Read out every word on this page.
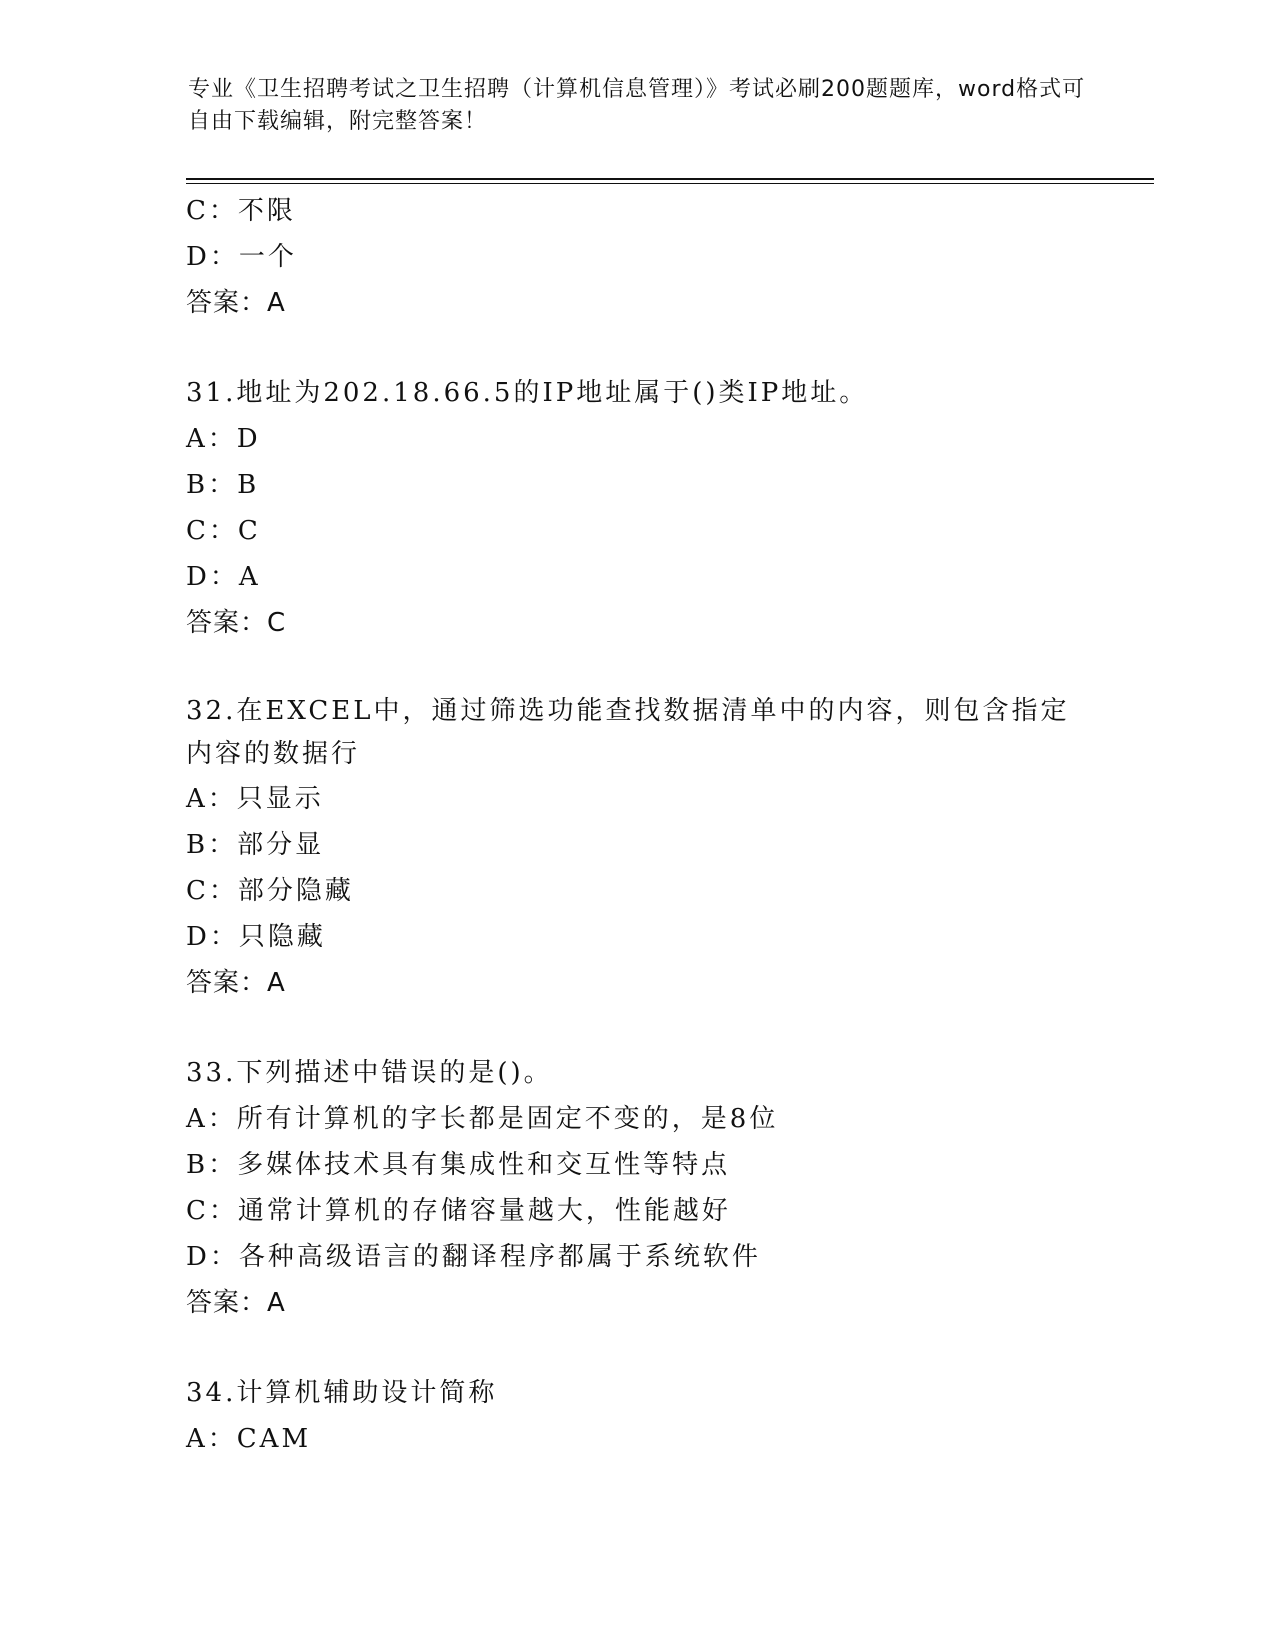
专业《卫生招聘考试之卫生招聘（计算机信息管理）》考试必刷200题题库，word格式可自由下载编辑，附完整答案！
C：不限
D：一个
答案：A
31.地址为202.18.66.5的IP地址属于()类IP地址。
A：D
B：B
C：C
D：A
答案：C
32.在EXCEL中，通过筛选功能查找数据清单中的内容，则包含指定内容的数据行
A：只显示
B：部分显
C：部分隐藏
D：只隐藏
答案：A
33.下列描述中错误的是()。
A：所有计算机的字长都是固定不变的，是8位
B：多媒体技术具有集成性和交互性等特点
C：通常计算机的存储容量越大，性能越好
D：各种高级语言的翻译程序都属于系统软件
答案：A
34.计算机辅助设计简称
A：CAM
